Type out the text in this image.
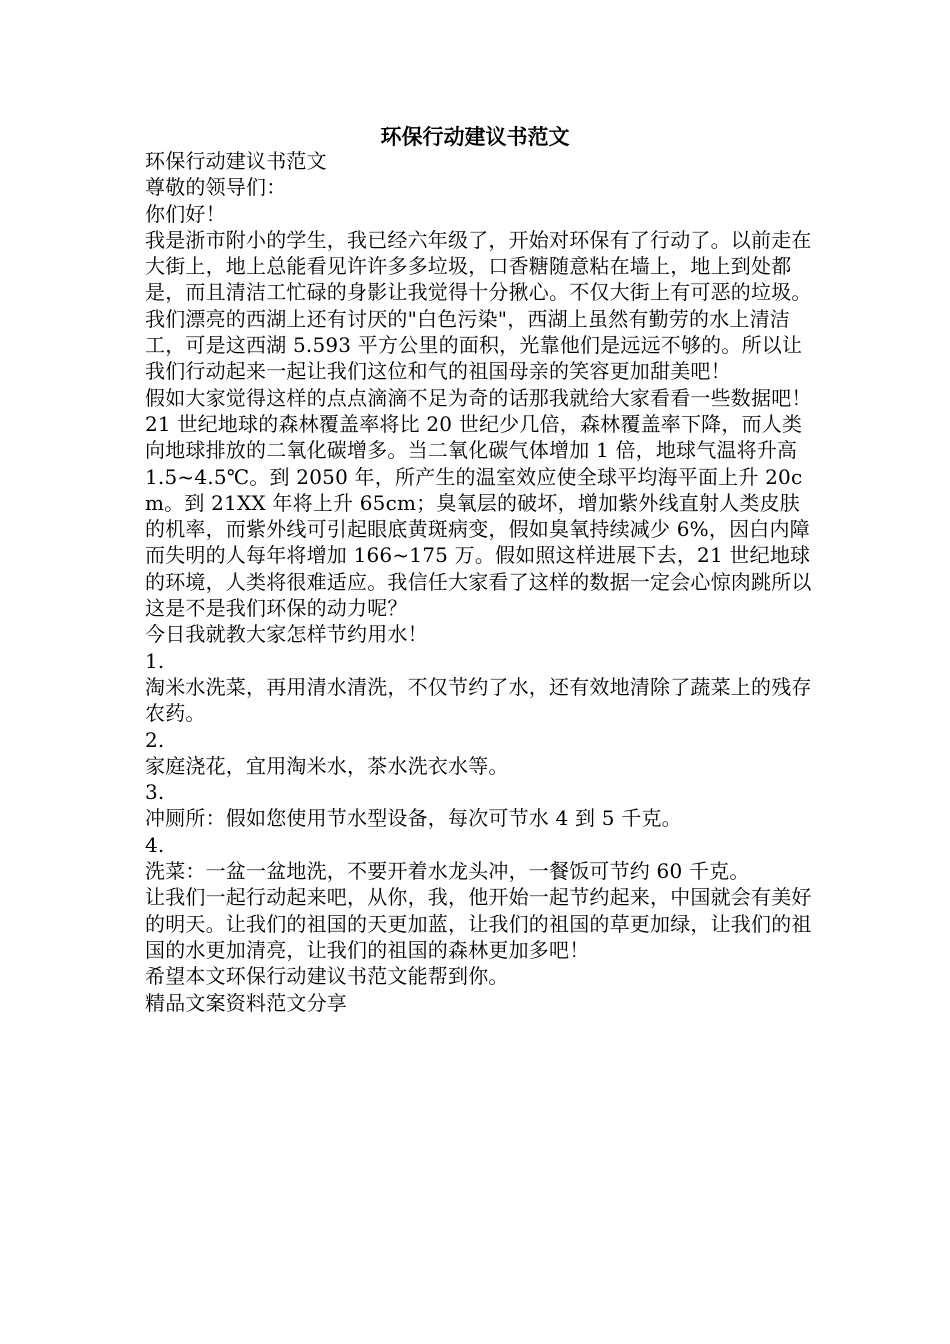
环保行动建议书范文

环保行动建议书范文

尊敬的领导们：

你们好！

我是浙市附小的学生，我已经六年级了，开始对环保有了行动了。以前走在大街上，地上总能看见许许多多垃圾，口香糖随意粘在墙上，地上到处都是，而且清洁工忙碌的身影让我觉得十分揪心。不仅大街上有可恶的垃圾。我们漂亮的西湖上还有讨厌的"白色污染"，西湖上虽然有勤劳的水上清洁工，可是这西湖 5.593 平方公里的面积，光靠他们是远远不够的。所以让我们行动起来一起让我们这位和气的祖国母亲的笑容更加甜美吧！

假如大家觉得这样的点点滴滴不足为奇的话那我就给大家看看一些数据吧！21 世纪地球的森林覆盖率将比 20 世纪少几倍，森林覆盖率下降，而人类向地球排放的二氧化碳增多。当二氧化碳气体增加 1 倍，地球气温将升高 1.5~4.5℃。到 2050 年，所产生的温室效应使全球平均海平面上升 20cm。到 21XX 年将上升 65cm；臭氧层的破坏，增加紫外线直射人类皮肤的机率，而紫外线可引起眼底黄斑病变，假如臭氧持续减少 6%，因白内障而失明的人每年将增加 166~175 万。假如照这样进展下去，21 世纪地球的环境，人类将很难适应。我信任大家看了这样的数据一定会心惊肉跳所以这是不是我们环保的动力呢？

今日我就教大家怎样节约用水！

1.

淘米水洗菜，再用清水清洗，不仅节约了水，还有效地清除了蔬菜上的残存农药。

2.

家庭浇花，宜用淘米水，茶水洗衣水等。

3.

冲厕所：假如您使用节水型设备，每次可节水 4 到 5 千克。

4.

洗菜：一盆一盆地洗，不要开着水龙头冲，一餐饭可节约 60 千克。

让我们一起行动起来吧，从你，我，他开始一起节约起来，中国就会有美好的明天。让我们的祖国的天更加蓝，让我们的祖国的草更加绿，让我们的祖国的水更加清亮，让我们的祖国的森林更加多吧！

希望本文环保行动建议书范文能帮到你。

精品文案资料范文分享
